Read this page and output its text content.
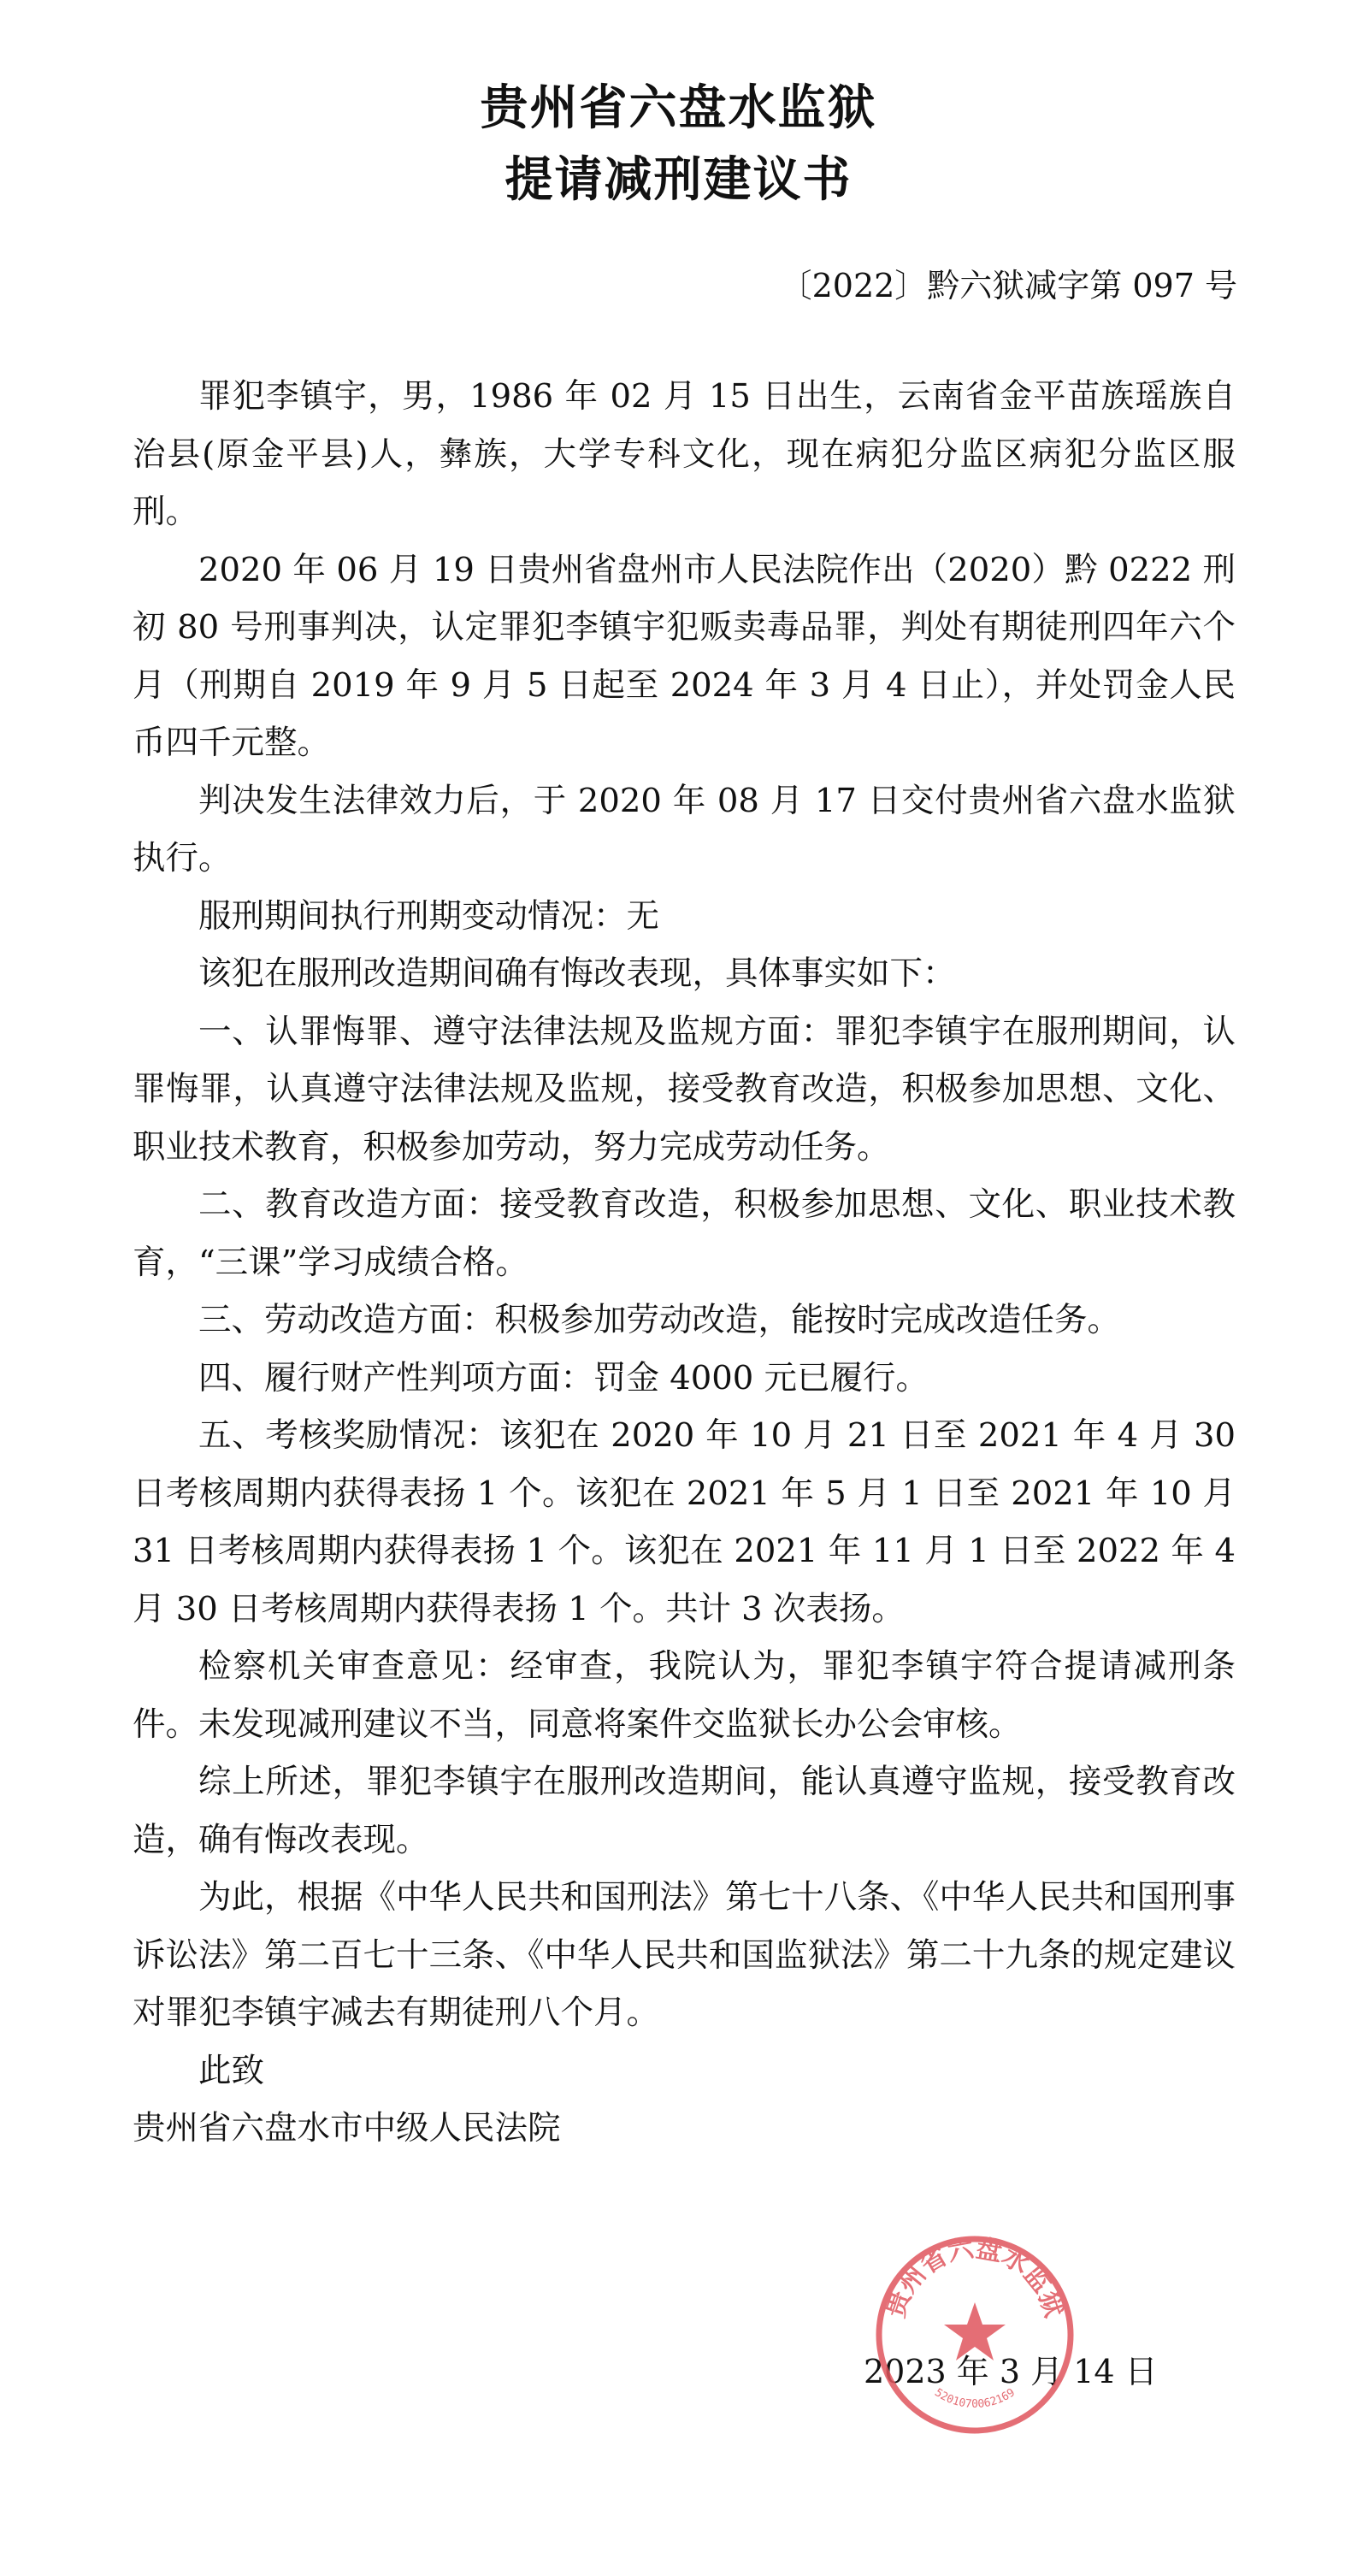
贵州省六盘水监狱
提请减刑建议书
〔2022〕黔六狱减字第 097 号

罪犯李镇宇，男，1986 年 02 月 15 日出生，云南省金平苗族瑶族自治县(原金平县)人，彝族，大学专科文化，现在病犯分监区病犯分监区服刑。

2020 年 06 月 19 日贵州省盘州市人民法院作出（2020）黔 0222 刑初 80 号刑事判决，认定罪犯李镇宇犯贩卖毒品罪，判处有期徒刑四年六个月（刑期自 2019 年 9 月 5 日起至 2024 年 3 月 4 日止），并处罚金人民币四千元整。

判决发生法律效力后，于 2020 年 08 月 17 日交付贵州省六盘水监狱执行。

服刑期间执行刑期变动情况：无

该犯在服刑改造期间确有悔改表现，具体事实如下：

一、认罪悔罪、遵守法律法规及监规方面：罪犯李镇宇在服刑期间，认罪悔罪，认真遵守法律法规及监规，接受教育改造，积极参加思想、文化、职业技术教育，积极参加劳动，努力完成劳动任务。

二、教育改造方面：接受教育改造，积极参加思想、文化、职业技术教育，“三课”学习成绩合格。

三、劳动改造方面：积极参加劳动改造，能按时完成改造任务。

四、履行财产性判项方面：罚金 4000 元已履行。

五、考核奖励情况：该犯在 2020 年 10 月 21 日至 2021 年 4 月 30 日考核周期内获得表扬 1 个。该犯在 2021 年 5 月 1 日至 2021 年 10 月 31 日考核周期内获得表扬 1 个。该犯在 2021 年 11 月 1 日至 2022 年 4 月 30 日考核周期内获得表扬 1 个。共计 3 次表扬。

检察机关审查意见：经审查，我院认为，罪犯李镇宇符合提请减刑条件。未发现减刑建议不当，同意将案件交监狱长办公会审核。

综上所述，罪犯李镇宇在服刑改造期间，能认真遵守监规，接受教育改造，确有悔改表现。

为此，根据《中华人民共和国刑法》第七十八条、《中华人民共和国刑事诉讼法》第二百七十三条、《中华人民共和国监狱法》第二十九条的规定建议对罪犯李镇宇减去有期徒刑八个月。

此致

贵州省六盘水市中级人民法院

2023 年 3 月 14 日
贵州省六盘水监狱
5201070062169
